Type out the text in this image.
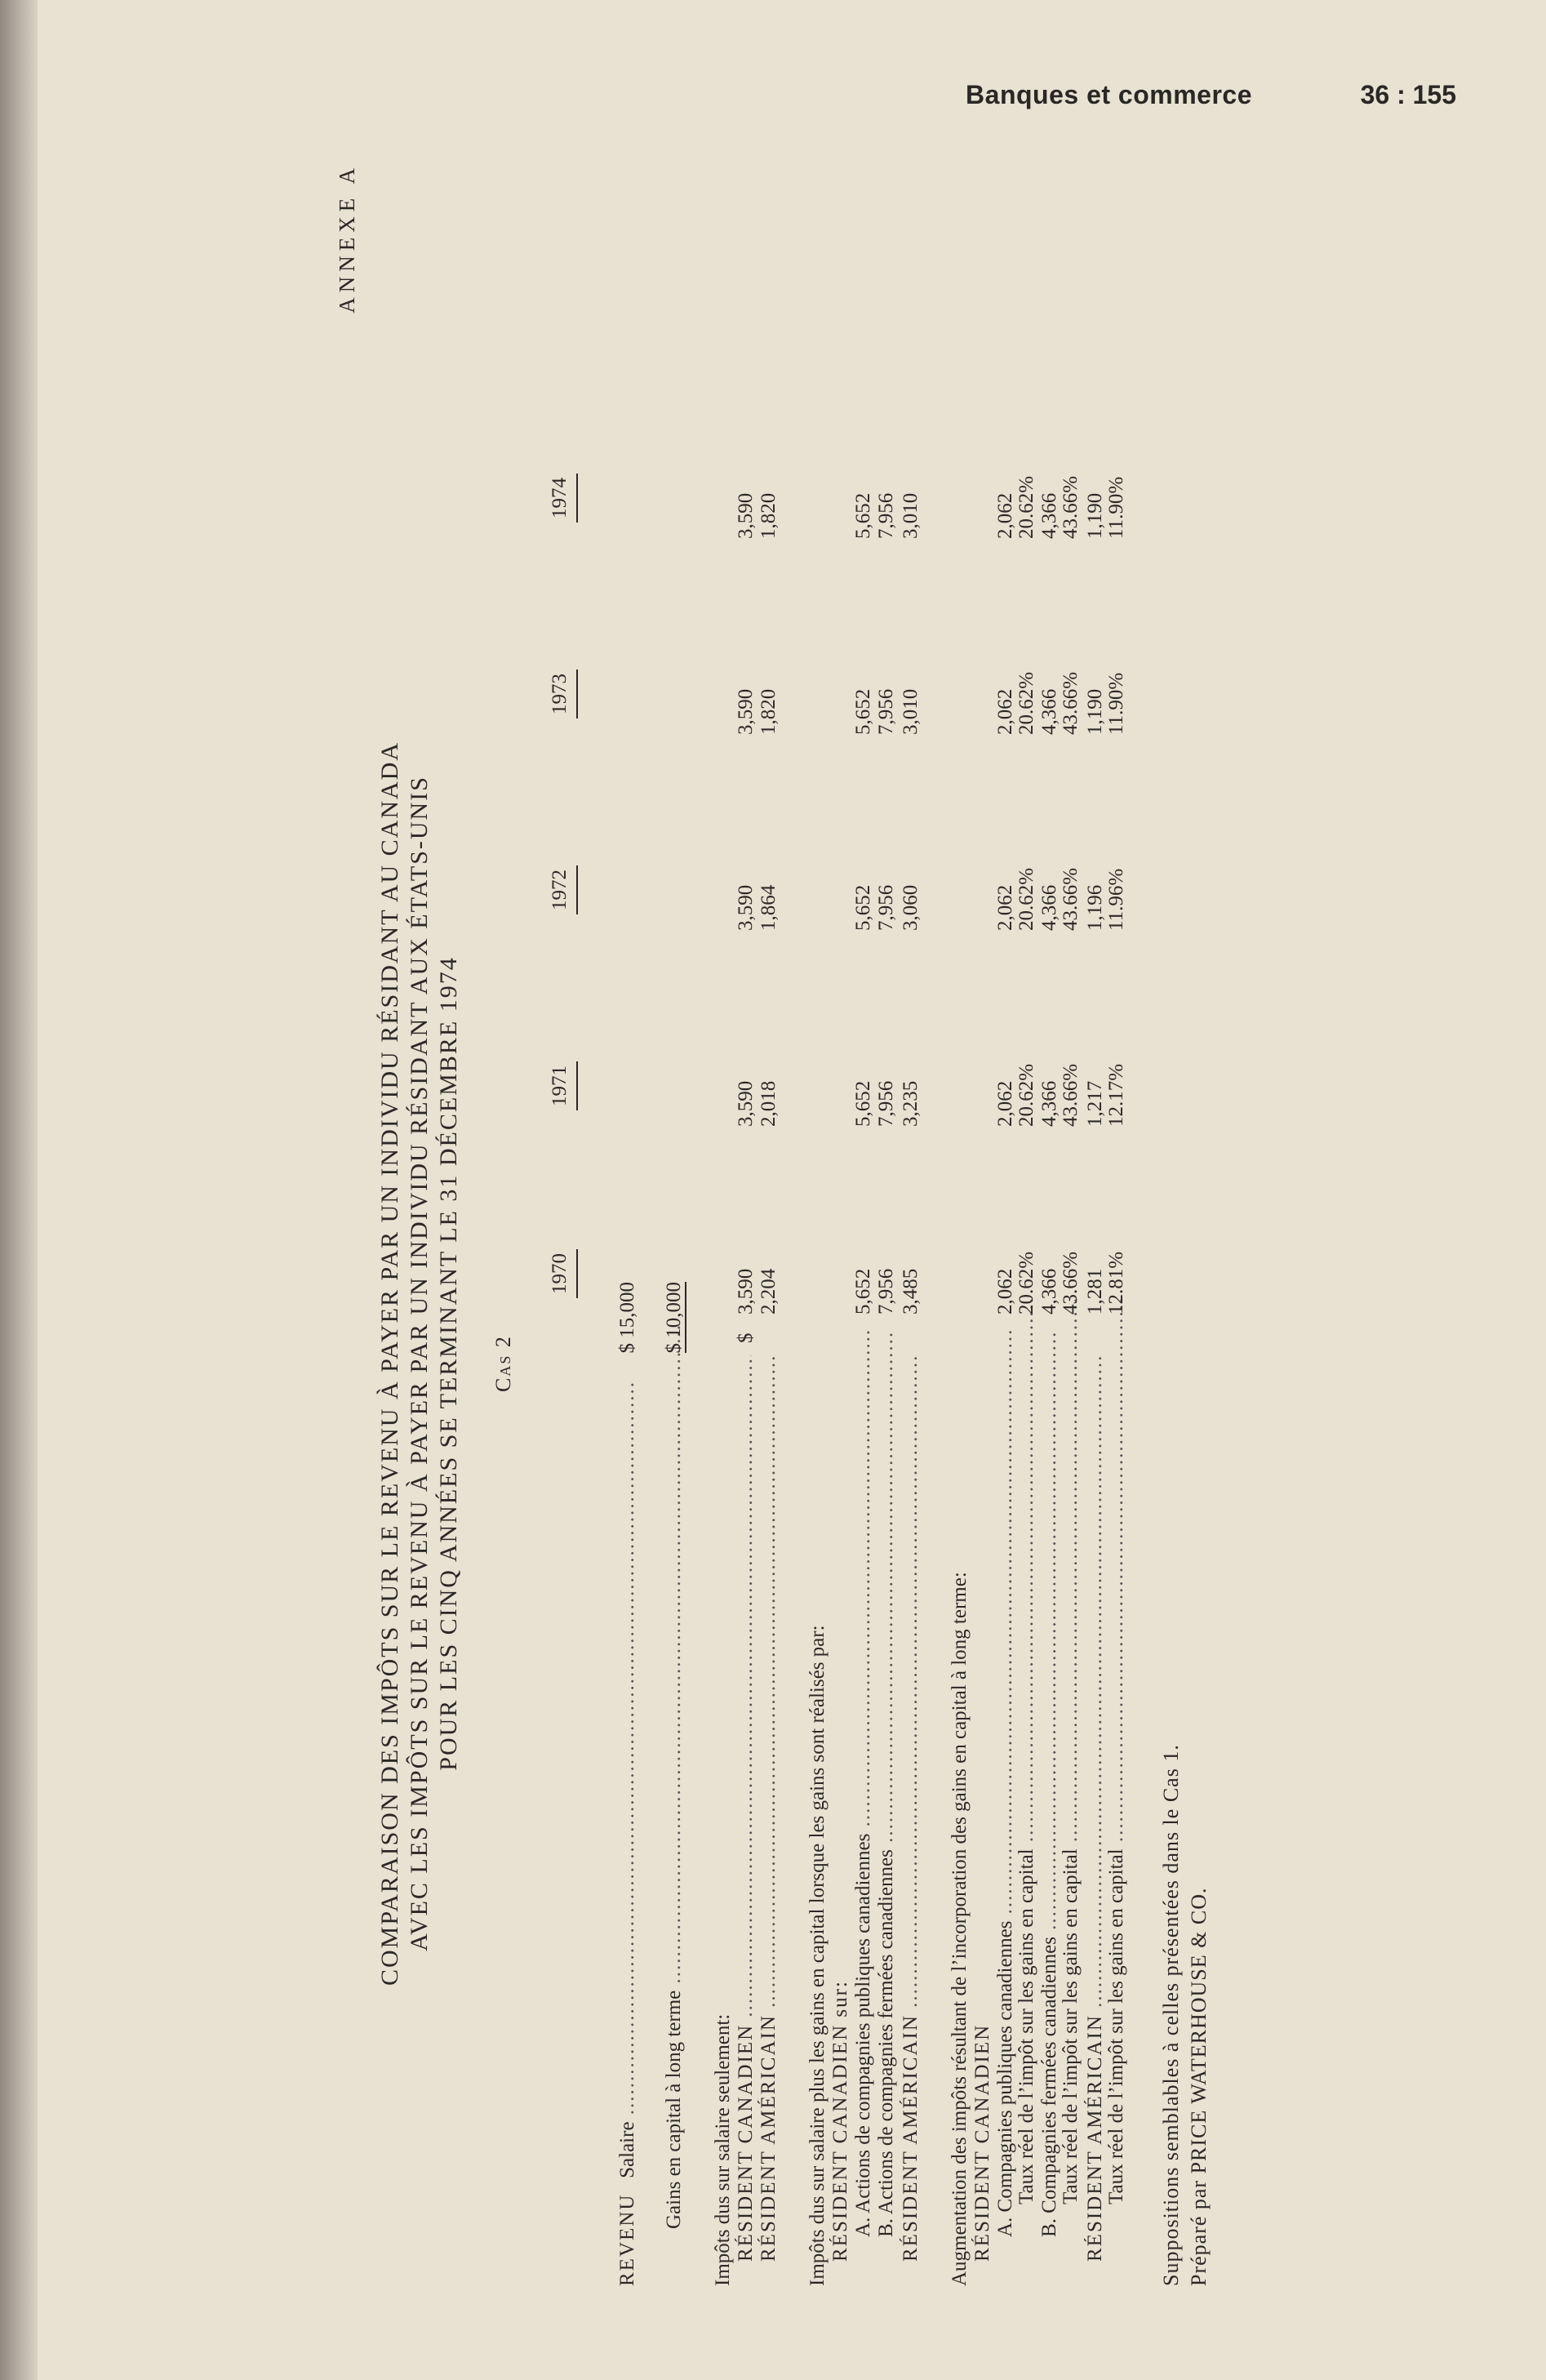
Banques et commerce	36 : 155
ANNEXE A
COMPARAISON DES IMPÔTS SUR LE REVENU À PAYER PAR UN INDIVIDU RÉSIDANT AU CANADA AVEC LES IMPÔTS SUR LE REVENU À PAYER PAR UN INDIVIDU RÉSIDANT AUX ÉTATS-UNIS POUR LES CINQ ANNÉES SE TERMINANT LE 31 DÉCEMBRE 1974 Cas 2
1970
1971
1972
1973
1974
REVENU   Salaire .....
$ 15,000
Gains en capital à long terme .....
$ 10,000
Impôts dus sur salaire seulement: RÉSIDENT CANADIEN .....
$
3,590
3,590
3,590
3,590
3,590
RÉSIDENT AMÉRICAIN .....
2,204
2,018
1,864
1,820
1,820
Impôts dus sur salaire plus les gains en capital lorsque les gains sont réalisés par: RÉSIDENT CANADIEN sur: A. Actions de compagnies publiques canadiennes .....
5,652
5,652
5,652
5,652
5,652
B. Actions de compagnies fermées canadiennes .....
7,956
7,956
7,956
7,956
7,956
RÉSIDENT AMÉRICAIN .....
3,485
3,235
3,060
3,010
3,010
Augmentation des impôts résultant de l’incorporation des gains en capital à long terme: RÉSIDENT CANADIEN A. Compagnies publiques canadiennes .....
2,062
2,062
2,062
2,062
2,062
Taux réel de l’impôt sur les gains en capital .....
20.62%
20.62%
20.62%
20.62%
20.62%
B. Compagnies fermées canadiennes .....
4,366
4,366
4,366
4,366
4,366
Taux réel de l’impôt sur les gains en capital .....
43.66%
43.66%
43.66%
43.66%
43.66%
RÉSIDENT AMÉRICAIN .....
1,281
1,217
1,196
1,190
1,190
Taux réel de l’impôt sur les gains en capital .....
12.81%
12.17%
11.96%
11.90%
11.90%
Suppositions semblables à celles présentées dans le Cas 1. Préparé par PRICE WATERHOUSE & CO.
